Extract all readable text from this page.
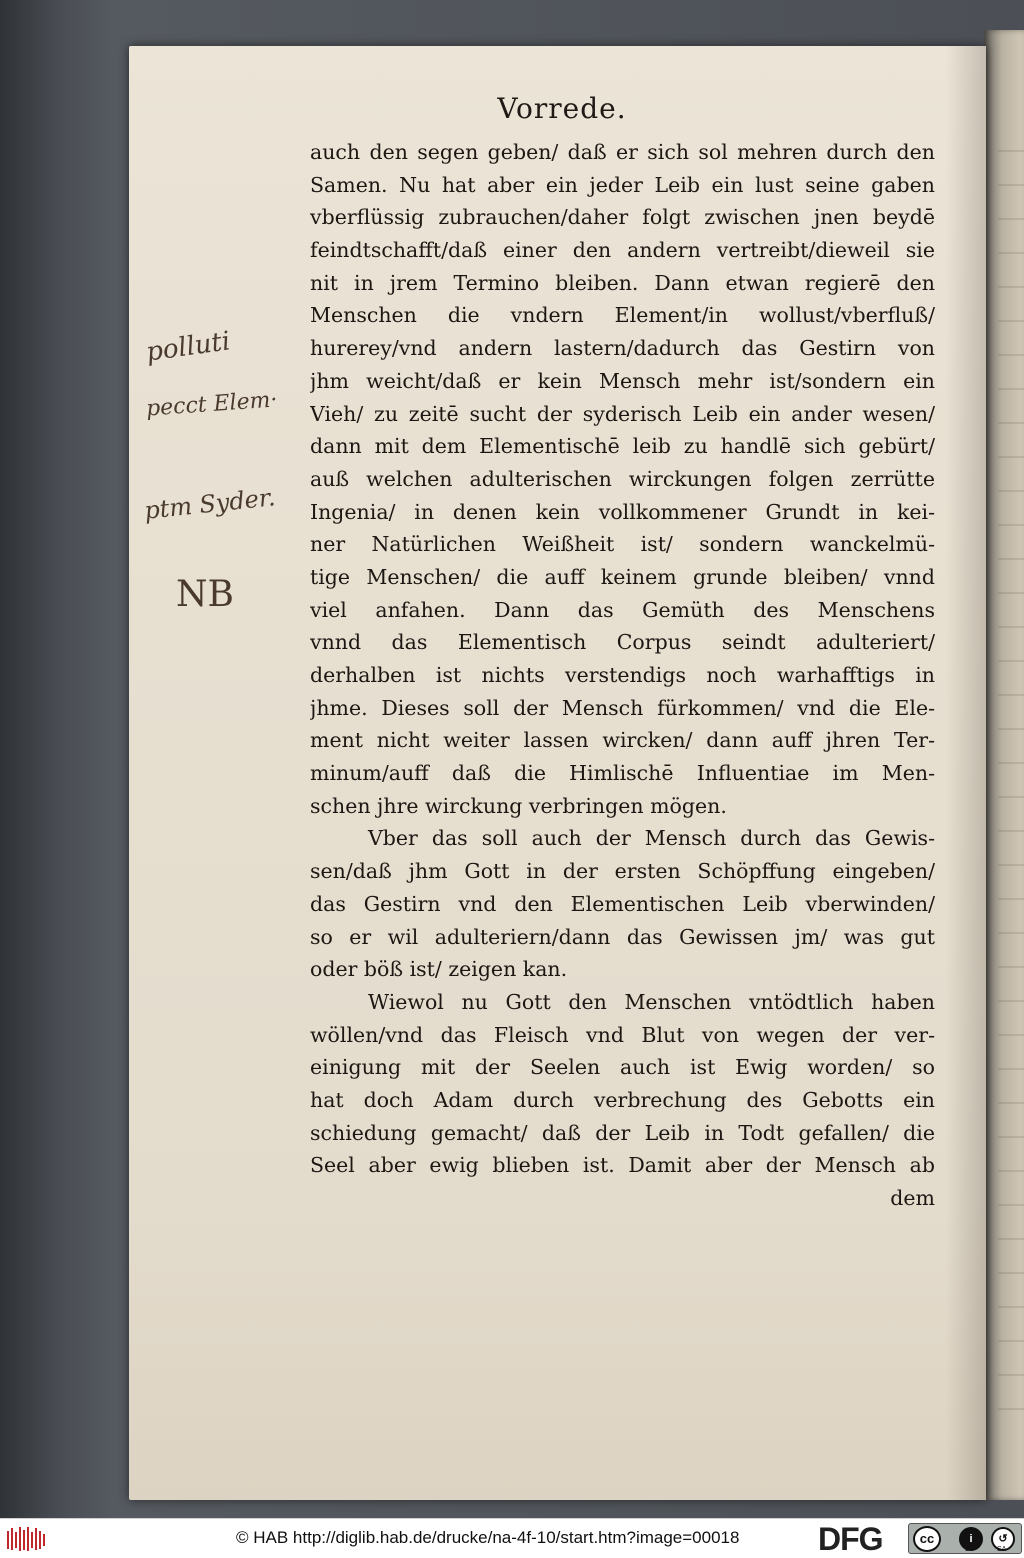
Vorrede.
polluti
pecct Elem·
ptm Syder.
NB
auch den segen geben/ daß er sich sol mehren durch den
Samen. Nu hat aber ein jeder Leib ein lust seine gaben
vberflüssig zubrauchen/daher folgt zwischen jnen beydē
feindtschafft/daß einer den andern vertreibt/dieweil sie
nit in jrem Termino bleiben. Dann etwan regierē den
Menschen die vndern Element/in wollust/vberfluß/
hurerey/vnd andern lastern/dadurch das Gestirn von
jhm weicht/daß er kein Mensch mehr ist/sondern ein
Vieh/ zu zeitē sucht der syderisch Leib ein ander wesen/
dann mit dem Elementischē leib zu handlē sich gebürt/
auß welchen adulterischen wirckungen folgen zerrütte
Ingenia/ in denen kein vollkommener Grundt in kei-
ner Natürlichen Weißheit ist/ sondern wanckelmü-
tige Menschen/ die auff keinem grunde bleiben/ vnnd
viel anfahen. Dann das Gemüth des Menschens
vnnd das Elementisch Corpus seindt adulteriert/
derhalben ist nichts verstendigs noch warhafftigs in
jhme. Dieses soll der Mensch fürkommen/ vnd die Ele-
ment nicht weiter lassen wircken/ dann auff jhren Ter-
minum/auff daß die Himlischē Influentiae im Men-
schen jhre wirckung verbringen mögen.
Vber das soll auch der Mensch durch das Gewis-
sen/daß jhm Gott in der ersten Schöpffung eingeben/
das Gestirn vnd den Elementischen Leib vberwinden/
so er wil adulteriern/dann das Gewissen jm/ was gut
oder böß ist/ zeigen kan.
Wiewol nu Gott den Menschen vntödtlich haben
wöllen/vnd das Fleisch vnd Blut von wegen der ver-
einigung mit der Seelen auch ist Ewig worden/ so
hat doch Adam durch verbrechung des Gebotts ein
schiedung gemacht/ daß der Leib in Todt gefallen/ die
Seel aber ewig blieben ist. Damit aber der Mensch ab
dem
© HAB http://diglib.hab.de/drucke/na-4f-10/start.htm?image=00018 DFG	cc	i	↺
BY	SA
